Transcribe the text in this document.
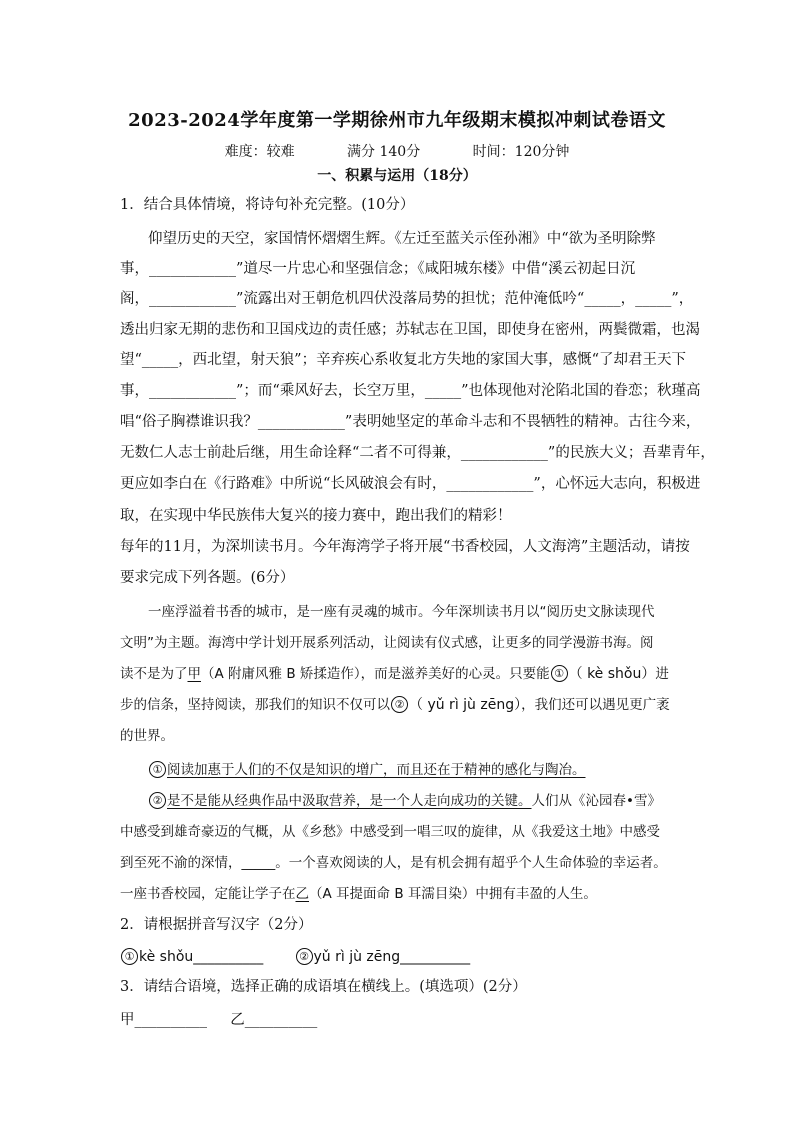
2023-2024学年度第一学期徐州市九年级期末模拟冲刺试卷语文
难度：较难	满分 140分	时间：120分钟
一、积累与运用（18分）
1．结合具体情境，将诗句补充完整。(10分）
仰望历史的天空，家国情怀熠熠生辉。《左迁至蓝关示侄孙湘》中“欲为圣明除弊
事，____________”道尽一片忠心和坚强信念；《咸阳城东楼》中借“溪云初起日沉
阁，____________”流露出对王朝危机四伏没落局势的担忧；范仲淹低吟“_____，_____”，
透出归家无期的悲伤和卫国戍边的责任感；苏轼志在卫国，即使身在密州，两鬓微霜，也渴
望“_____，西北望，射天狼”；辛弃疾心系收复北方失地的家国大事，感慨“了却君王天下
事，____________”；而“乘风好去，长空万里，_____”也体现他对沦陷北国的眷恋；秋瑾高
唱“俗子胸襟谁识我？____________”表明她坚定的革命斗志和不畏牺牲的精神。古往今来，
无数仁人志士前赴后继，用生命诠释“二者不可得兼，____________”的民族大义；吾辈青年，
更应如李白在《行路难》中所说“长风破浪会有时，____________”，心怀远大志向，积极进
取，在实现中华民族伟大复兴的接力赛中，跑出我们的精彩！
每年的11月，为深圳读书月。今年海湾学子将开展“书香校园，人文海湾”主题活动，请按
要求完成下列各题。(6分）
一座浮溢着书香的城市，是一座有灵魂的城市。今年深圳读书月以“阅历史文脉读现代
文明”为主题。海湾中学计划开展系列活动，让阅读有仪式感，让更多的同学漫游书海。阅
读不是为了甲（A 附庸风雅 B 矫揉造作），而是滋养美好的心灵。只要能 ① （ kè shǒu）进
步的信条，坚持阅读，那我们的知识不仅可以 ② （ yǔ rì jù zēng），我们还可以遇见更广袤
的世界。
① 阅读加惠于人们的不仅是知识的增广，而且还在于精神的感化与陶冶。
② 是不是能从经典作品中汲取营养，是一个人走向成功的关键。人们从《沁园春•雪》
中感受到雄奇豪迈的气概，从《乡愁》中感受到一唱三叹的旋律，从《我爱这土地》中感受
到至死不渝的深情，_____。一个喜欢阅读的人，是有机会拥有超乎个人生命体验的幸运者。
一座书香校园，定能让学子在乙（A 耳提面命 B 耳濡目染）中拥有丰盈的人生。
2．请根据拼音写汉字（2分）
① kè shǒu__________	② yǔ rì jù zēng__________
3．请结合语境，选择正确的成语填在横线上。(填选项）(2分）
甲__________ 乙__________
